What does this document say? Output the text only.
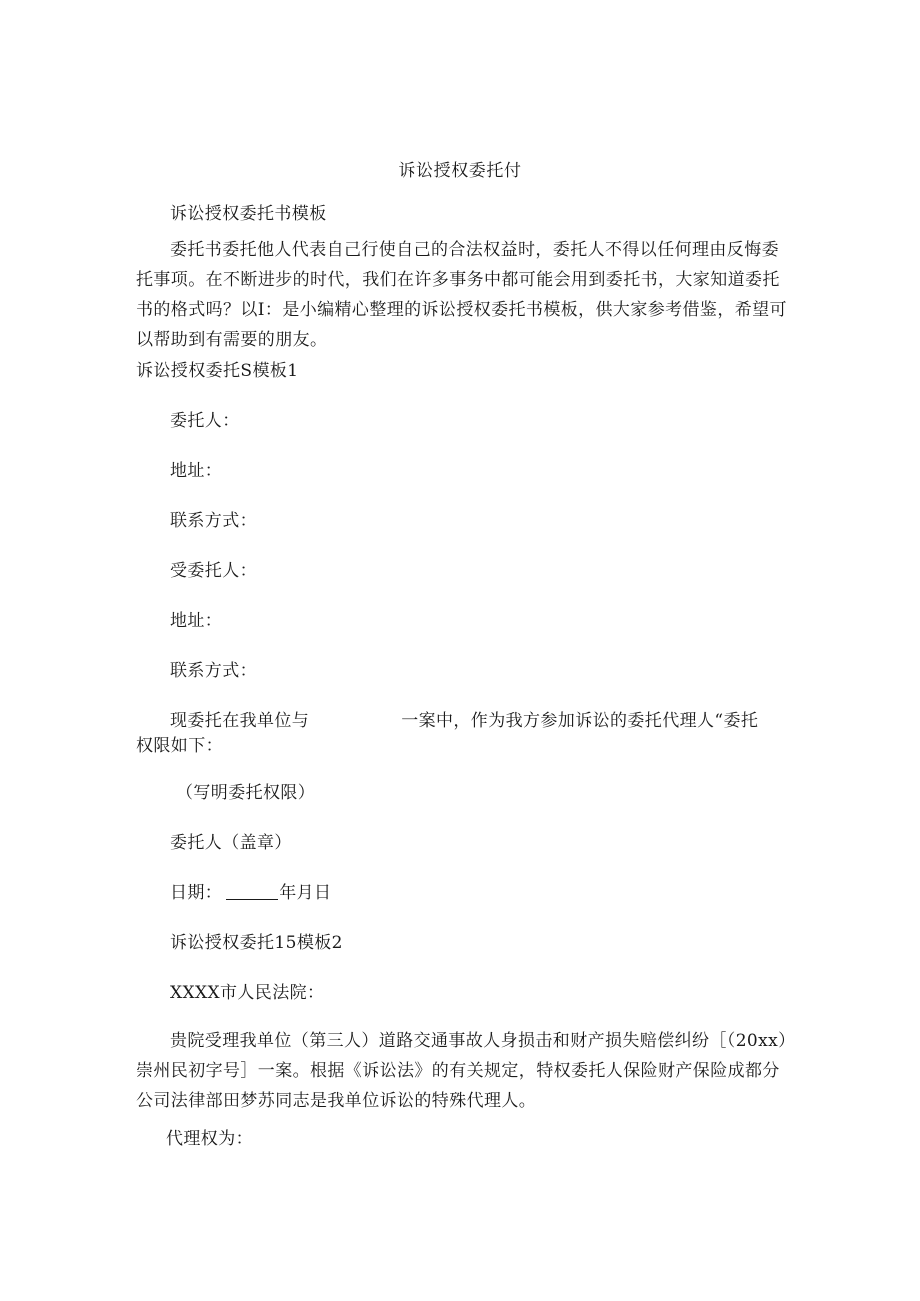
诉讼授权委托付
诉讼授权委托书模板
委托书委托他人代表自己行使自己的合法权益时，委托人不得以任何理由反悔委托事项。在不断进步的时代，我们在许多事务中都可能会用到委托书，大家知道委托书的格式吗？以I：是小编精心整理的诉讼授权委托书模板，供大家参考借鉴，希望可以帮助到有需要的朋友。
诉讼授权委托S模板1
委托人：
地址：
联系方式：
受委托人：
地址：
联系方式：
现委托在我单位与	一案中，作为我方参加诉讼的委托代理人“委托
权限如下：
（写明委托权限）
委托人（盖章）
日期：	年月日
诉讼授权委托15模板2
XXXX市人民法院：
贵院受理我单位（第三人）道路交通事故人身损击和财产损失赔偿纠纷［（20xx）崇州民初字号］一案。根据《诉讼法》的有关规定，特权委托人保险财产保险成都分公司法律部田梦苏同志是我单位诉讼的特殊代理人。
代理权为：
